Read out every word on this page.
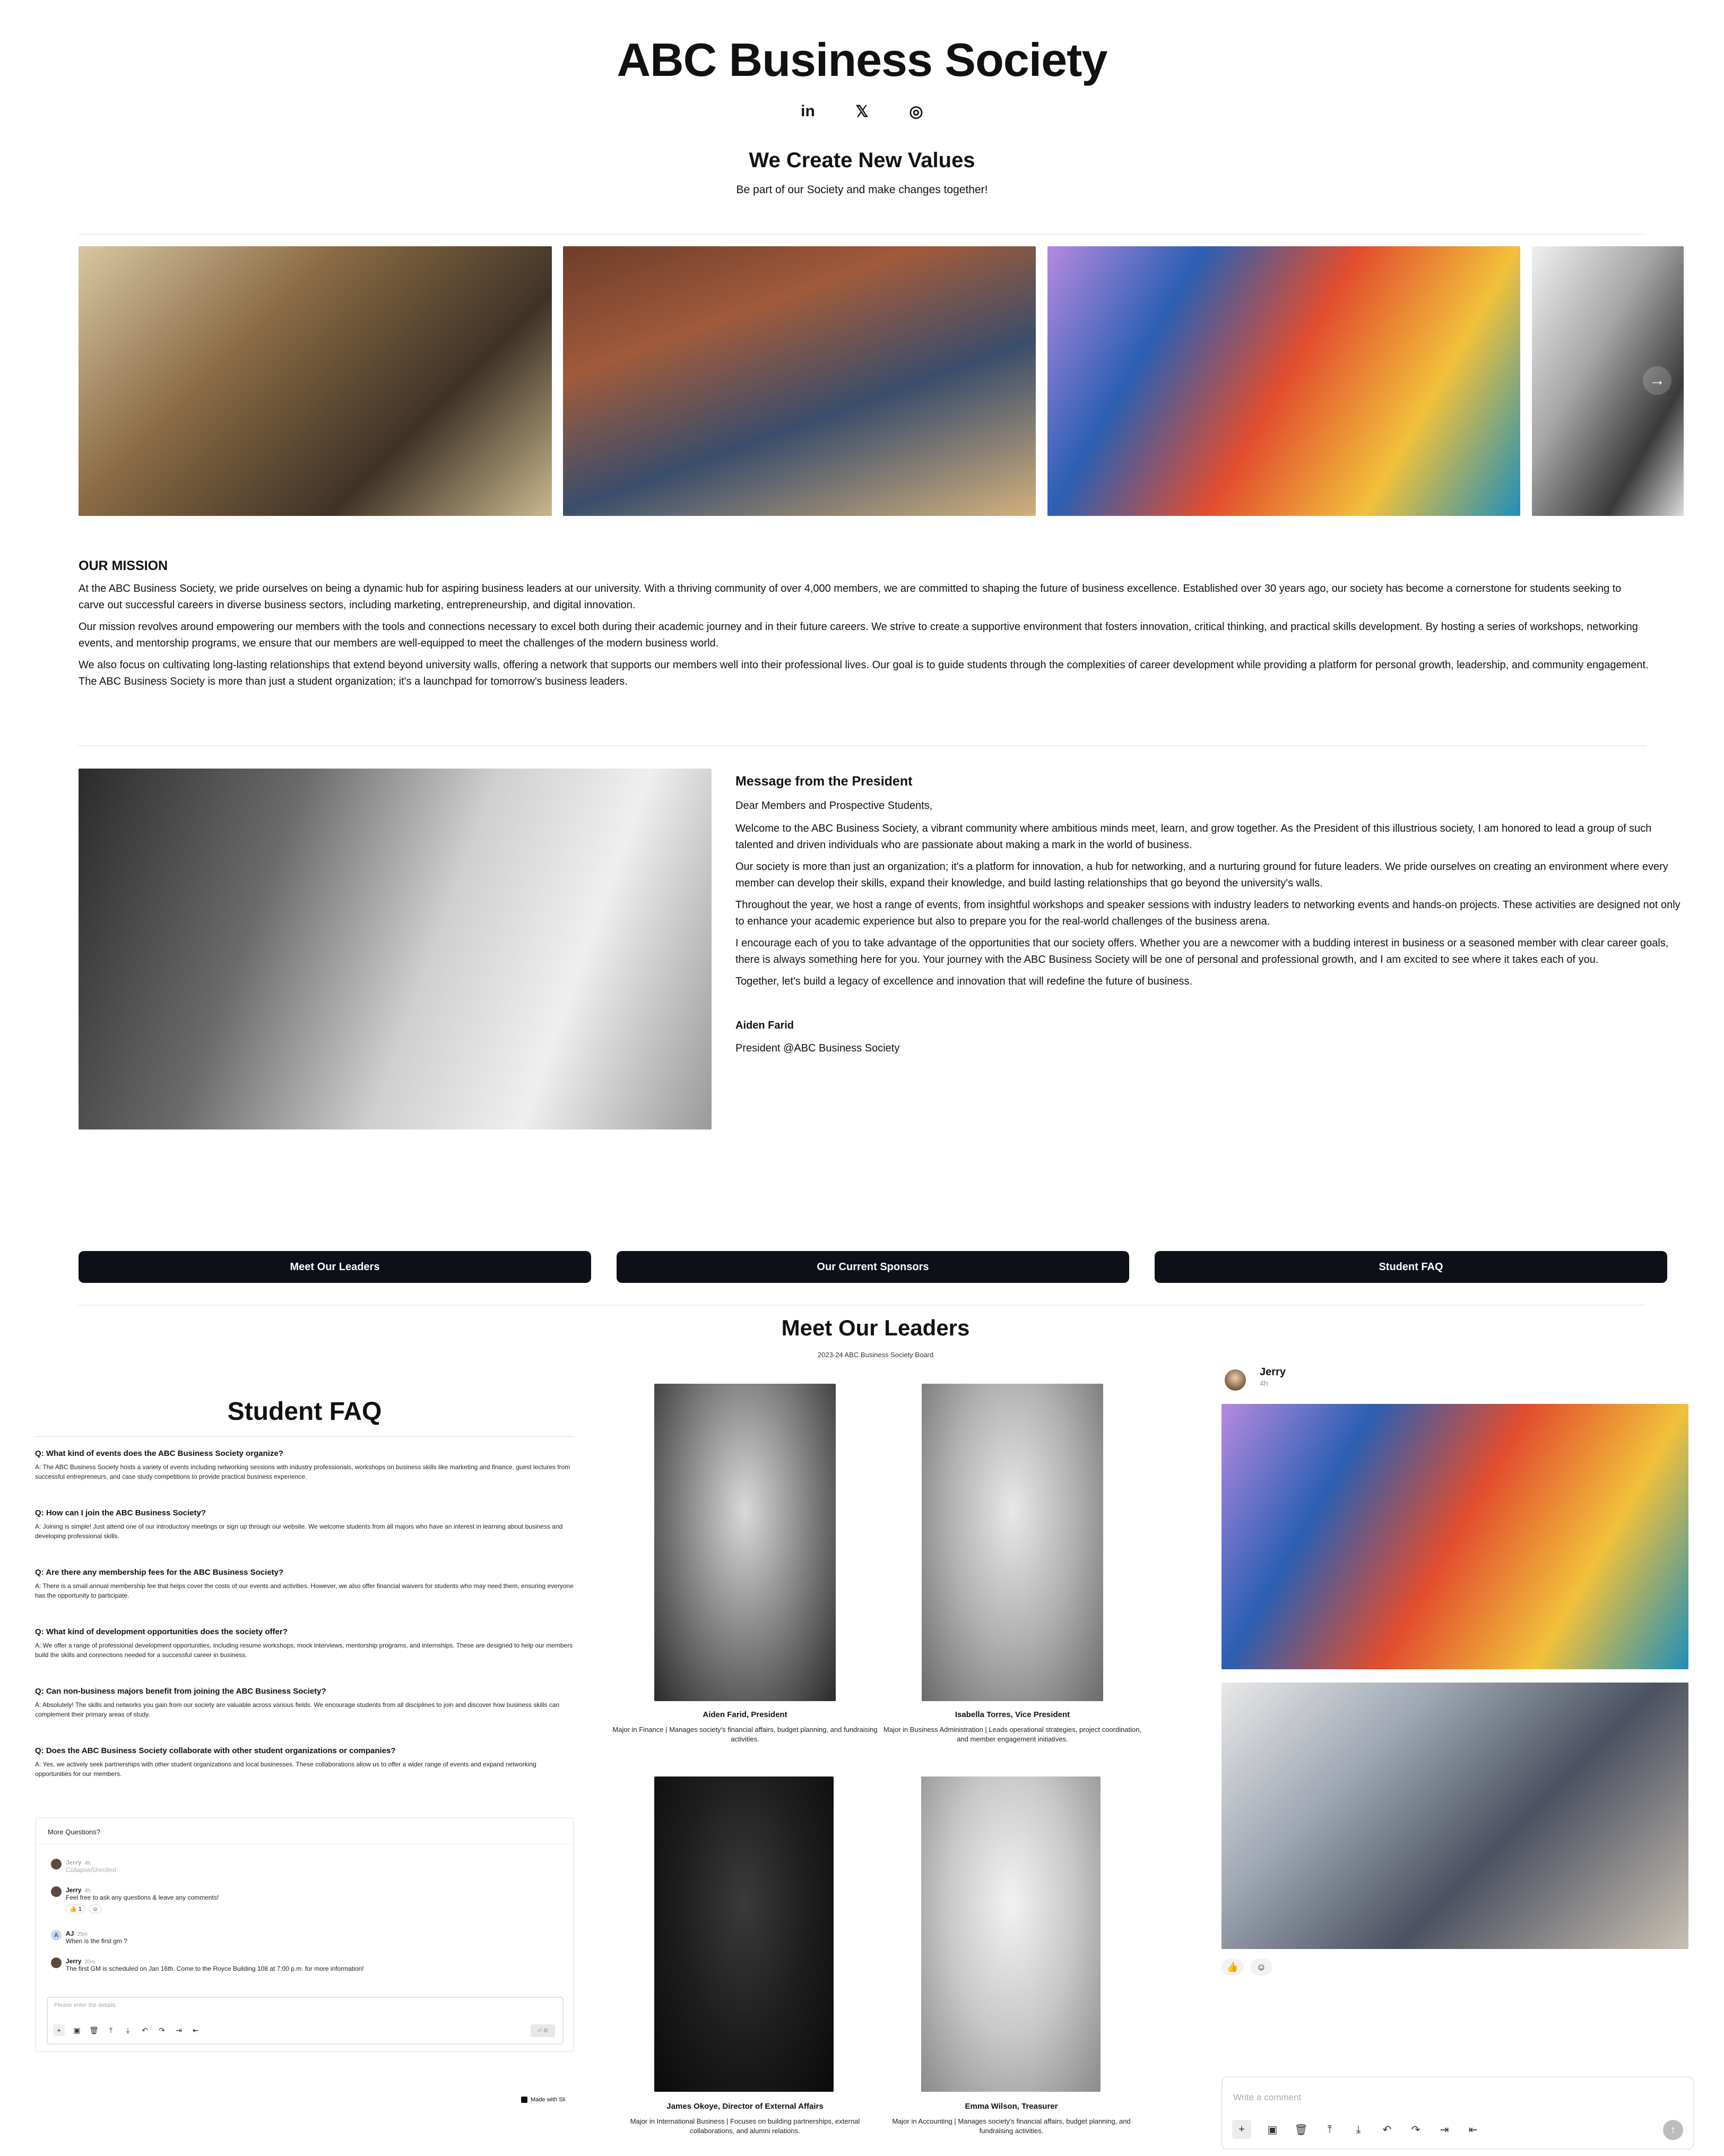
ABC Business Society
in	𝕏	◎
We Create New Values
Be part of our Society and make changes together!
→
OUR MISSION

At the ABC Business Society, we pride ourselves on being a dynamic hub for aspiring business leaders at our university. With a thriving community of over 4,000 members, we are committed to shaping the future of business excellence. Established over 30 years ago, our society has become a cornerstone for students seeking to carve out successful careers in diverse business sectors, including marketing, entrepreneurship, and digital innovation.

Our mission revolves around empowering our members with the tools and connections necessary to excel both during their academic journey and in their future careers. We strive to create a supportive environment that fosters innovation, critical thinking, and practical skills development. By hosting a series of workshops, networking events, and mentorship programs, we ensure that our members are well-equipped to meet the challenges of the modern business world.

We also focus on cultivating long-lasting relationships that extend beyond university walls, offering a network that supports our members well into their professional lives. Our goal is to guide students through the complexities of career development while providing a platform for personal growth, leadership, and community engagement. The ABC Business Society is more than just a student organization; it's a launchpad for tomorrow's business leaders.

Message from the President

Dear Members and Prospective Students,

Welcome to the ABC Business Society, a vibrant community where ambitious minds meet, learn, and grow together. As the President of this illustrious society, I am honored to lead a group of such talented and driven individuals who are passionate about making a mark in the world of business.

Our society is more than just an organization; it's a platform for innovation, a hub for networking, and a nurturing ground for future leaders. We pride ourselves on creating an environment where every member can develop their skills, expand their knowledge, and build lasting relationships that go beyond the university's walls.

Throughout the year, we host a range of events, from insightful workshops and speaker sessions with industry leaders to networking events and hands-on projects. These activities are designed not only to enhance your academic experience but also to prepare you for the real-world challenges of the business arena.

I encourage each of you to take advantage of the opportunities that our society offers. Whether you are a newcomer with a budding interest in business or a seasoned member with clear career goals, there is always something here for you. Your journey with the ABC Business Society will be one of personal and professional growth, and I am excited to see where it takes each of you.

Together, let's build a legacy of excellence and innovation that will redefine the future of business.

Aiden Farid

President @ABC Business Society

Meet Our Leaders	Our Current Sponsors	Student FAQ
Meet Our Leaders
2023-24 ABC Business Society Board
Aiden Farid, President
Major in Finance | Manages society's financial affairs, budget planning, and fundraising activities.
Isabella Torres, Vice President
Major in Business Administration | Leads operational strategies, project coordination, and member engagement initiatives.
James Okoye, Director of External Affairs
Major in International Business | Focuses on building partnerships, external collaborations, and alumni relations.
Emma Wilson, Treasurer
Major in Accounting | Manages society's financial affairs, budget planning, and fundraising activities.
Student FAQ
Q: What kind of events does the ABC Business Society organize?
A: The ABC Business Society hosts a variety of events including networking sessions with industry professionals, workshops on business skills like marketing and finance, guest lectures from successful entrepreneurs, and case study competitions to provide practical business experience.
Q: How can I join the ABC Business Society?
A: Joining is simple! Just attend one of our introductory meetings or sign up through our website. We welcome students from all majors who have an interest in learning about business and developing professional skills.
Q: Are there any membership fees for the ABC Business Society?
A: There is a small annual membership fee that helps cover the costs of our events and activities. However, we also offer financial waivers for students who may need them, ensuring everyone has the opportunity to participate.
Q: What kind of development opportunities does the society offer?
A: We offer a range of professional development opportunities, including resume workshops, mock interviews, mentorship programs, and internships. These are designed to help our members build the skills and connections needed for a successful career in business.
Q: Can non-business majors benefit from joining the ABC Business Society?
A: Absolutely! The skills and networks you gain from our society are valuable across various fields. We encourage students from all disciplines to join and discover how business skills can complement their primary areas of study.
Q: Does the ABC Business Society collaborate with other student organizations or companies?
A: Yes, we actively seek partnerships with other student organizations and local businesses. These collaborations allow us to offer a wider range of events and expand networking opportunities for our members.
More Questions?
Jerry 4h
Collapse/Unrolled
Jerry 4h
Feel free to ask any questions & leave any comments!
👍 1	☺
A	AJ 25m
When is the first gm ?
Jerry 20m
The first GM is scheduled on Jan 16th. Come to the Royce Building 108 at 7:00 p.m. for more information!
Please enter the details.
+	▣ 🗑	⤒	⤓	↶ ↷ ⇥ ⇤	⏎ ⌘
Made with Sli
Jerry
4h
👍	☺
Write a comment
+	▣ 🗑	⤒	⤓	↶ ↷ ⇥ ⇤	↑
